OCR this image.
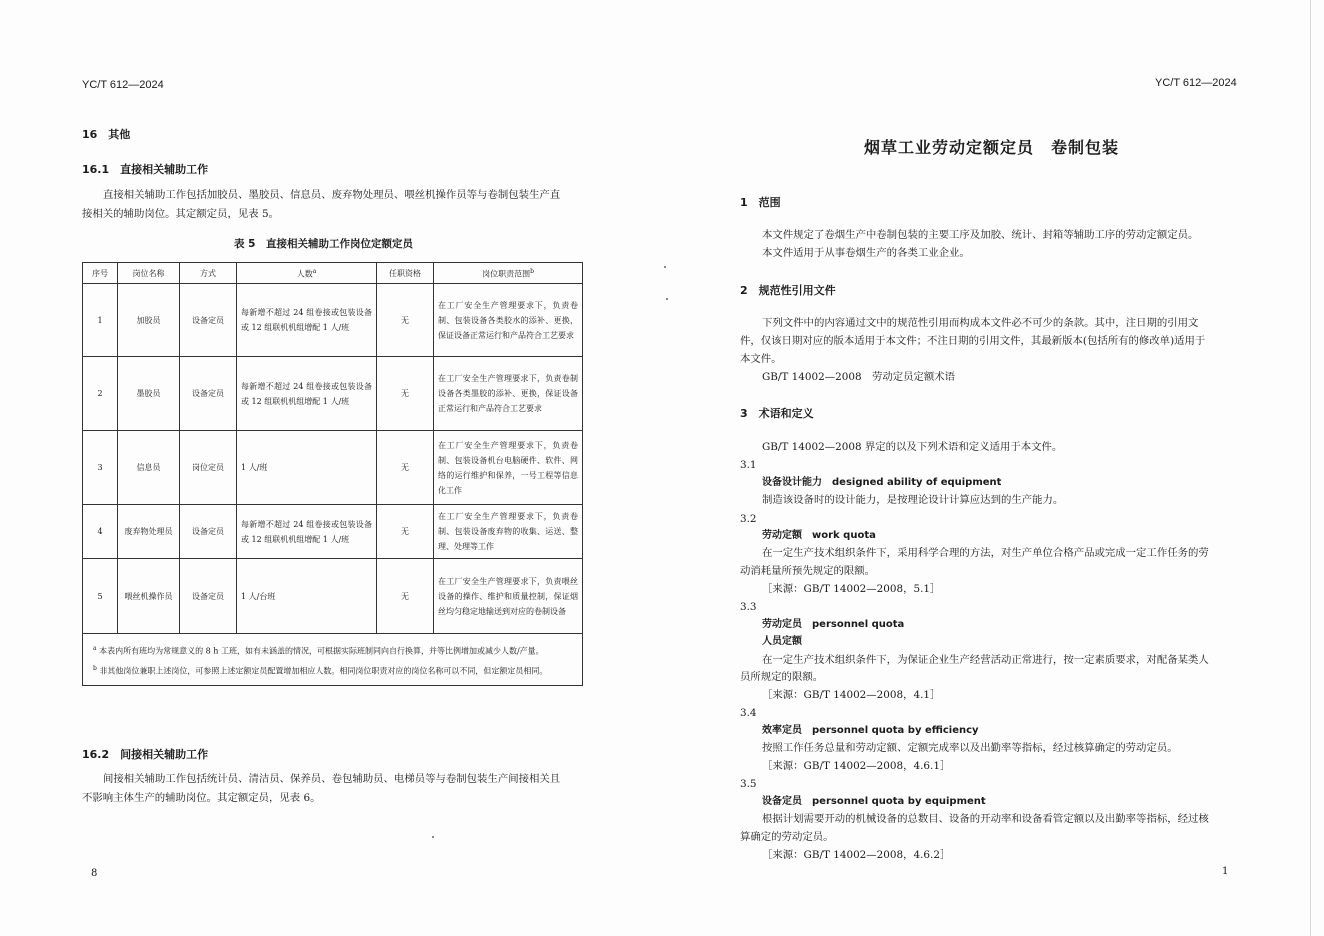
YC/T 612—2024
16　其他
16.1　直接相关辅助工作
直接相关辅助工作包括加胶员、墨胶员、信息员、废弃物处理员、喂丝机操作员等与卷制包装生产直
接相关的辅助岗位。其定额定员，见表 5。
表 5　直接相关辅助工作岗位定额定员
序号	岗位名称	方式	人数$^a$	任职资格	岗位职责范围$^b$
1	加胶员	设备定员	每新增不超过 24 组卷接或包装设备或 12 组联机机组增配 1 人/班	无	在工厂安全生产管理要求下，负责卷制、包装设备各类胶水的添补、更换，保证设备正常运行和产品符合工艺要求
2	墨胶员	设备定员	每新增不超过 24 组卷接或包装设备或 12 组联机机组增配 1 人/班	无	在工厂安全生产管理要求下，负责卷制设备各类墨胶的添补、更换，保证设备正常运行和产品符合工艺要求
3	信息员	岗位定员	1 人/班	无	在工厂安全生产管理要求下，负责卷制、包装设备机台电脑硬件、软件、网络的运行维护和保养，一号工程等信息化工作
4	废弃物处理员	设备定员	每新增不超过 24 组卷接或包装设备或 12 组联机机组增配 1 人/班	无	在工厂安全生产管理要求下，负责卷制、包装设备废弃物的收集、运送、整理、处理等工作
5	喂丝机操作员	设备定员	1 人/台班	无	在工厂安全生产管理要求下，负责喂丝设备的操作、维护和质量控制，保证烟丝均匀稳定地输送到对应的卷制设备

$^a$ 本表内所有班均为常规意义的 8 h 工班，如有未涵盖的情况，可根据实际班制同向自行换算，并等比例增加或减少人数/产量。
$^b$ 非其他岗位兼职上述岗位，可参照上述定额定员配置增加相应人数。相同岗位职责对应的岗位名称可以不同，但定额定员相同。					
16.2　间接相关辅助工作
间接相关辅助工作包括统计员、清洁员、保养员、卷包辅助员、电梯员等与卷制包装生产间接相关且
不影响主体生产的辅助岗位。其定额定员，见表 6。
8
YC/T 612—2024
烟草工业劳动定额定员　卷制包装
1　范围
本文件规定了卷烟生产中卷制包装的主要工序及加胶、统计、封箱等辅助工序的劳动定额定员。
本文件适用于从事卷烟生产的各类工业企业。
2　规范性引用文件
下列文件中的内容通过文中的规范性引用而构成本文件必不可少的条款。其中，注日期的引用文
件，仅该日期对应的版本适用于本文件；不注日期的引用文件，其最新版本(包括所有的修改单)适用于
本文件。
GB/T 14002—2008　劳动定员定额术语
3　术语和定义
GB/T 14002—2008 界定的以及下列术语和定义适用于本文件。
3.1
设备设计能力　designed ability of equipment
制造该设备时的设计能力，是按理论设计计算应达到的生产能力。
3.2
劳动定额　work quota
在一定生产技术组织条件下，采用科学合理的方法，对生产单位合格产品或完成一定工作任务的劳
动消耗量所预先规定的限额。
［来源：GB/T 14002—2008，5.1］
3.3
劳动定员　personnel quota
人员定额
在一定生产技术组织条件下，为保证企业生产经营活动正常进行，按一定素质要求，对配备某类人
员所规定的限额。
［来源：GB/T 14002—2008，4.1］
3.4
效率定员　personnel quota by efficiency
按照工作任务总量和劳动定额、定额完成率以及出勤率等指标，经过核算确定的劳动定员。
［来源：GB/T 14002—2008，4.6.1］
3.5
设备定员　personnel quota by equipment
根据计划需要开动的机械设备的总数目、设备的开动率和设备看管定额以及出勤率等指标，经过核
算确定的劳动定员。
［来源：GB/T 14002—2008，4.6.2］
1
